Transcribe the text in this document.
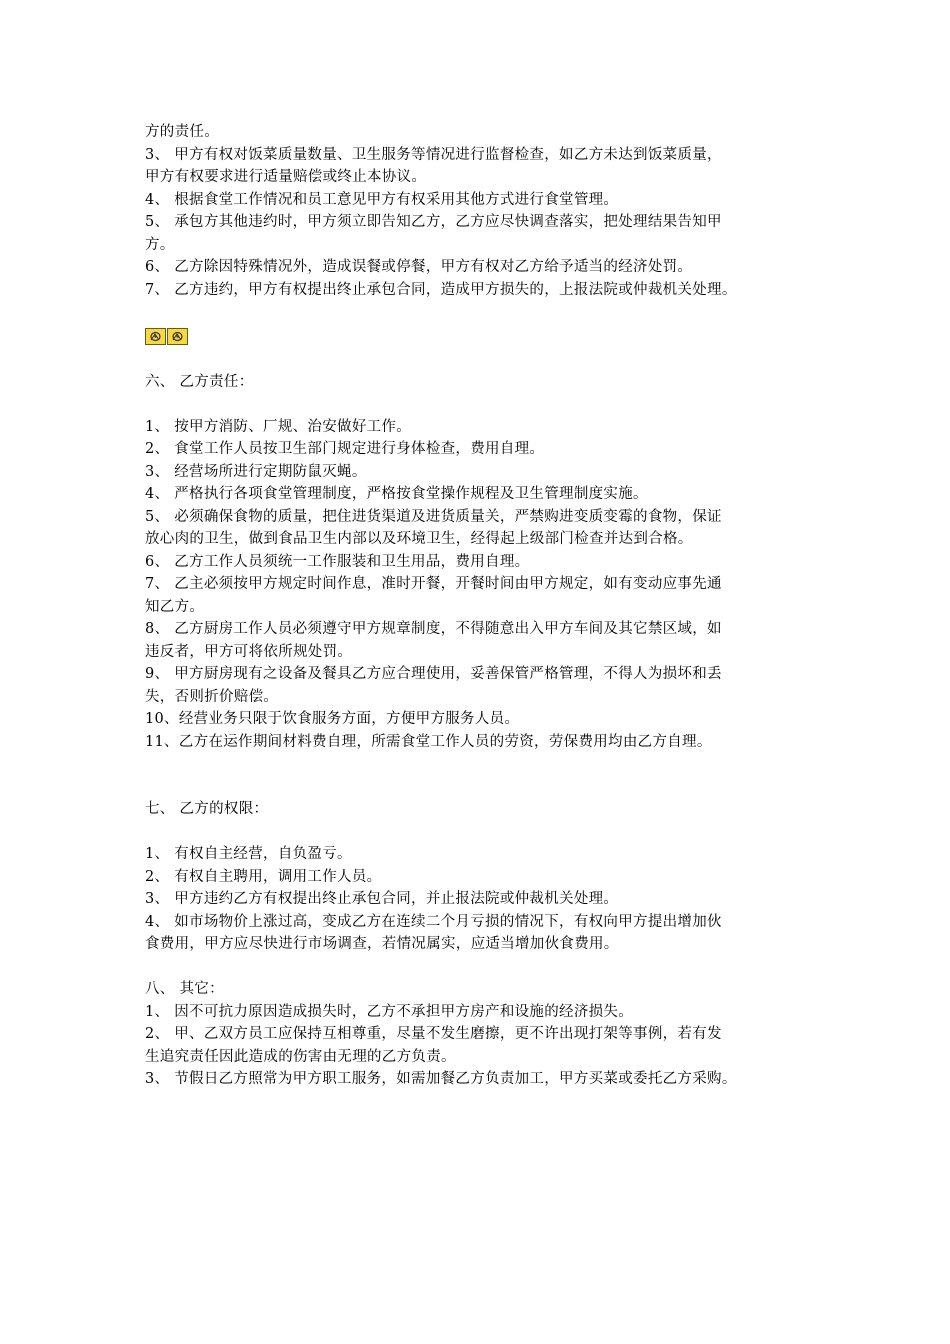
方的责任。
3、 甲方有权对饭菜质量数量、卫生服务等情况进行监督检查，如乙方未达到饭菜质量，
甲方有权要求进行适量赔偿或终止本协议。
4、 根据食堂工作情况和员工意见甲方有权采用其他方式进行食堂管理。
5、 承包方其他违约时，甲方须立即告知乙方，乙方应尽快调查落实，把处理结果告知甲
方。
6、 乙方除因特殊情况外，造成误餐或停餐，甲方有权对乙方给予适当的经济处罚。
7、 乙方违约，甲方有权提出终止承包合同，造成甲方损失的，上报法院或仲裁机关处理。
六、 乙方责任：
1、 按甲方消防、厂规、治安做好工作。
2、 食堂工作人员按卫生部门规定进行身体检查，费用自理。
3、 经营场所进行定期防鼠灭蝇。
4、 严格执行各项食堂管理制度，严格按食堂操作规程及卫生管理制度实施。
5、 必须确保食物的质量，把住进货渠道及进货质量关，严禁购进变质变霉的食物，保证
放心肉的卫生，做到食品卫生内部以及环境卫生，经得起上级部门检查并达到合格。
6、 乙方工作人员须统一工作服装和卫生用品，费用自理。
7、 乙主必须按甲方规定时间作息，准时开餐，开餐时间由甲方规定，如有变动应事先通
知乙方。
8、 乙方厨房工作人员必须遵守甲方规章制度，不得随意出入甲方车间及其它禁区域，如
违反者，甲方可将依所规处罚。
9、 甲方厨房现有之设备及餐具乙方应合理使用，妥善保管严格管理，不得人为损坏和丢
失，否则折价赔偿。
10、经营业务只限于饮食服务方面，方便甲方服务人员。
11、乙方在运作期间材料费自理，所需食堂工作人员的劳资，劳保费用均由乙方自理。
七、 乙方的权限：
1、 有权自主经营，自负盈亏。
2、 有权自主聘用，调用工作人员。
3、 甲方违约乙方有权提出终止承包合同，并止报法院或仲裁机关处理。
4、 如市场物价上涨过高，变成乙方在连续二个月亏损的情况下，有权向甲方提出增加伙
食费用，甲方应尽快进行市场调查，若情况属实，应适当增加伙食费用。
八、 其它：
1、 因不可抗力原因造成损失时，乙方不承担甲方房产和设施的经济损失。
2、 甲、乙双方员工应保持互相尊重，尽量不发生磨擦，更不许出现打架等事例，若有发
生追究责任因此造成的伤害由无理的乙方负责。
3、 节假日乙方照常为甲方职工服务，如需加餐乙方负责加工，甲方买菜或委托乙方采购。
